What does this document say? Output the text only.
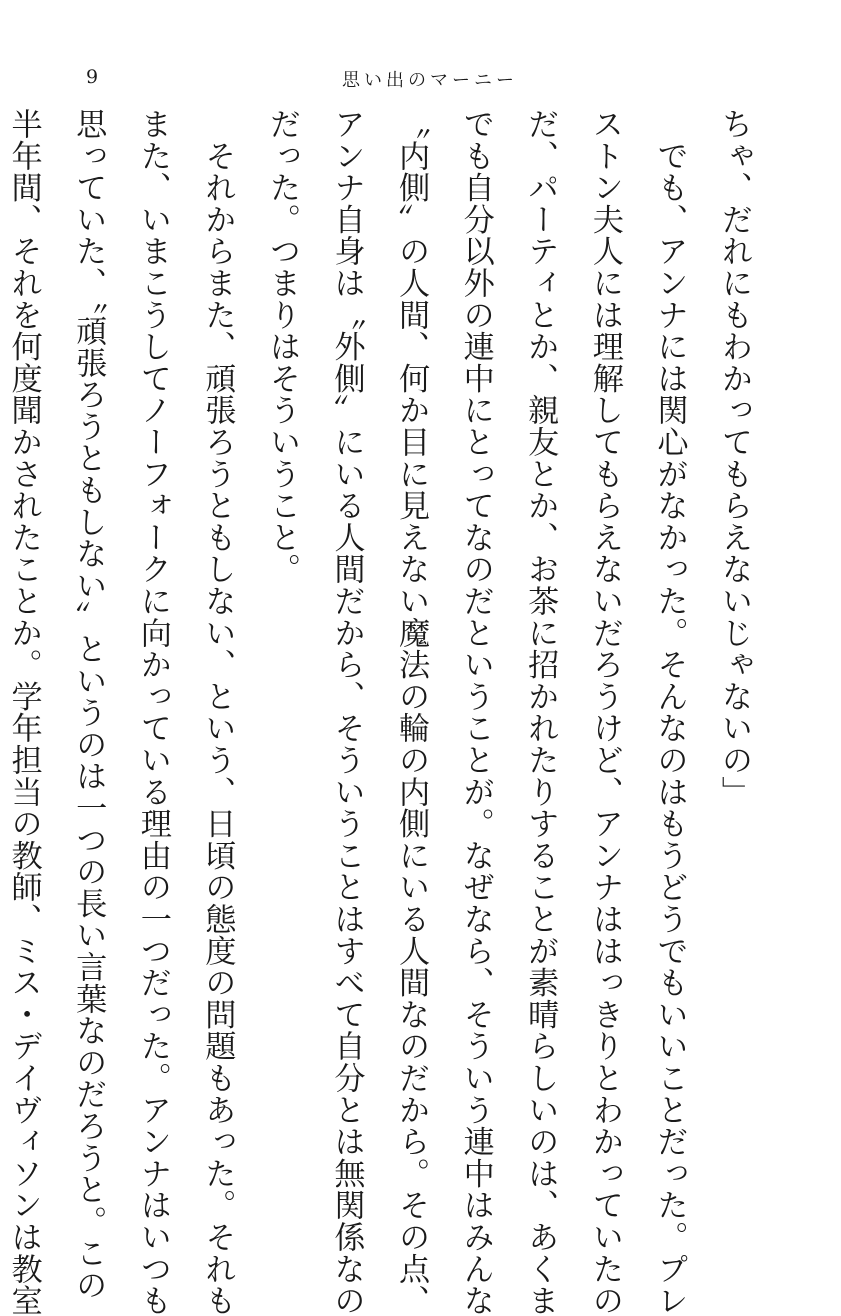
9	思い出のマーニー
ちゃ、だれにもわかってもらえないじゃないの」
　でも、アンナには関心がなかった。そんなのはもうどうでもいいことだった。プレ
ストン夫人には理解してもらえないだろうけど、アンナははっきりとわかっていたの
だ、パーティとか、親友とか、お茶に招かれたりすることが素晴らしいのは、あくま
でも自分以外の連中にとってなのだということが。なぜなら、そういう連中はみんな
〝内側〟の人間、何か目に見えない魔法の輪の内側にいる人間なのだから。その点、
アンナ自身は〝外側〟にいる人間だから、そういうことはすべて自分とは無関係なの
だった。つまりはそういうこと。
　それからまた、頑張ろうともしない、という、日頃の態度の問題もあった。それも
また、いまこうしてノーフォークに向かっている理由の一つだった。アンナはいつも
思っていた、〝頑張ろうともしない〟というのは一つの長い言葉なのだろうと。この
半年間、それを何度聞かされたことか。学年担当の教師、ミス・デイヴィソンは教室
